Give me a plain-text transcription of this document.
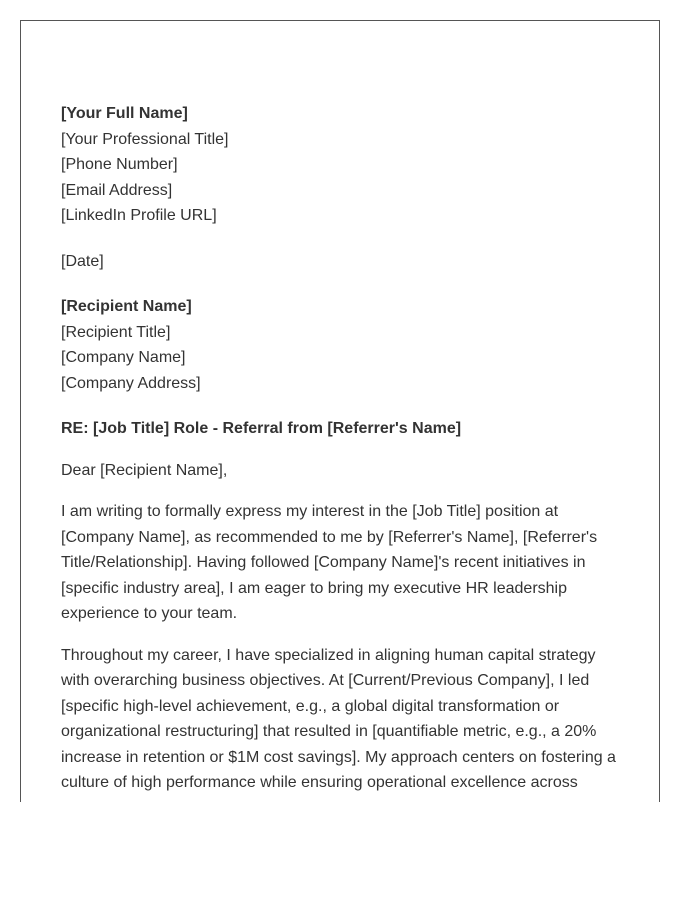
[Your Full Name]
[Your Professional Title]
[Phone Number]
[Email Address]
[LinkedIn Profile URL]
[Date]
[Recipient Name]
[Recipient Title]
[Company Name]
[Company Address]
RE: [Job Title] Role - Referral from [Referrer's Name]
Dear [Recipient Name],

I am writing to formally express my interest in the [Job Title] position at [Company Name], as recommended to me by [Referrer's Name], [Referrer's Title/Relationship]. Having followed [Company Name]'s recent initiatives in [specific industry area], I am eager to bring my executive HR leadership experience to your team.

Throughout my career, I have specialized in aligning human capital strategy with overarching business objectives. At [Current/Previous Company], I led [specific high-level achievement, e.g., a global digital transformation or organizational restructuring] that resulted in [quantifiable metric, e.g., a 20% increase in retention or $1M cost savings]. My approach centers on fostering a culture of high performance while ensuring operational excellence across
